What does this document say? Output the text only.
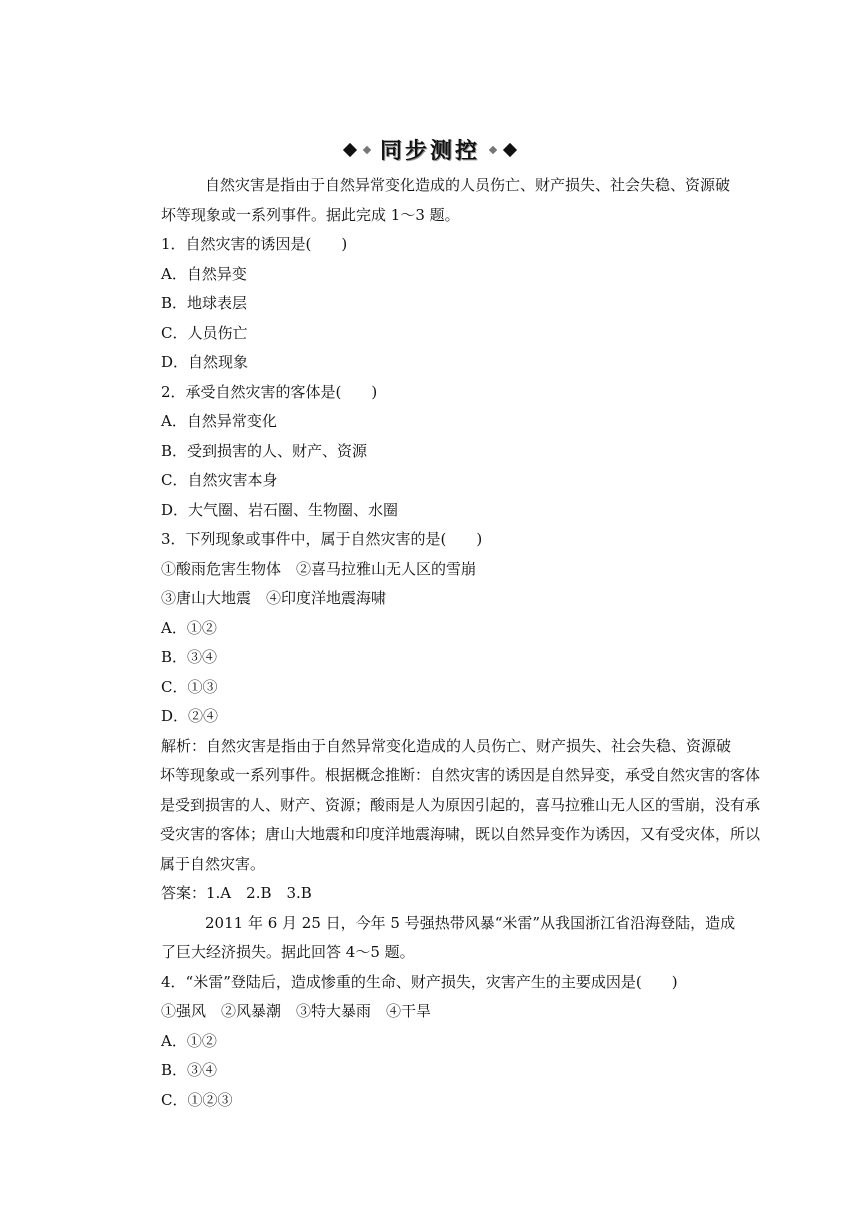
同步测控
自然灾害是指由于自然异常变化造成的人员伤亡、财产损失、社会失稳、资源破
坏等现象或一系列事件。据此完成 1～3 题。
1．自然灾害的诱因是(　　)
A．自然异变
B．地球表层
C．人员伤亡
D．自然现象
2．承受自然灾害的客体是(　　)
A．自然异常变化
B．受到损害的人、财产、资源
C．自然灾害本身
D．大气圈、岩石圈、生物圈、水圈
3．下列现象或事件中，属于自然灾害的是(　　)
①酸雨危害生物体　②喜马拉雅山无人区的雪崩
③唐山大地震　④印度洋地震海啸
A．①②
B．③④
C．①③
D．②④
解析：自然灾害是指由于自然异常变化造成的人员伤亡、财产损失、社会失稳、资源破
坏等现象或一系列事件。根据概念推断：自然灾害的诱因是自然异变，承受自然灾害的客体
是受到损害的人、财产、资源；酸雨是人为原因引起的，喜马拉雅山无人区的雪崩，没有承
受灾害的客体；唐山大地震和印度洋地震海啸，既以自然异变作为诱因，又有受灾体，所以
属于自然灾害。
答案：1.A　2.B　3.B
2011 年 6 月 25 日，今年 5 号强热带风暴“米雷”从我国浙江省沿海登陆，造成
了巨大经济损失。据此回答 4～5 题。
4．“米雷”登陆后，造成惨重的生命、财产损失，灾害产生的主要成因是(　　)
①强风　②风暴潮　③特大暴雨　④干旱
A．①②
B．③④
C．①②③
